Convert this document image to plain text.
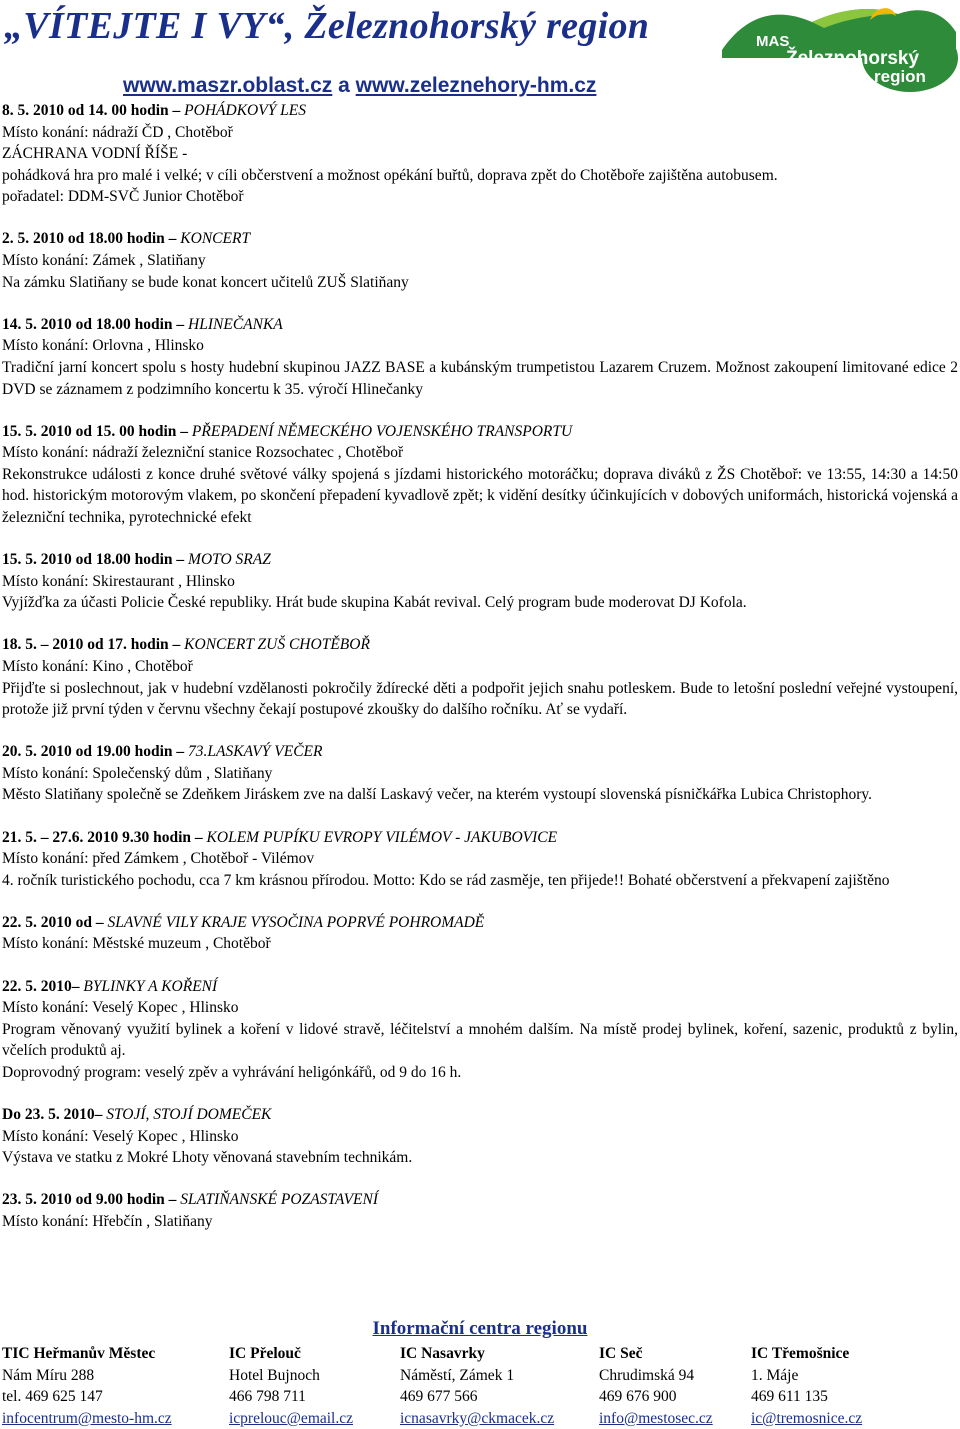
„VÍTEJTE I VY“, Železnohorský region
www.maszr.oblast.cz a www.zeleznehory-hm.cz
MAS
Železnohorský
region
8. 5. 2010 od 14. 00 hodin – POHÁDKOVÝ LES
Místo konání: nádraží ČD , Chotěboř
ZÁCHRANA VODNÍ ŘÍŠE -
pohádková hra pro malé i velké; v cíli občerstvení a možnost opékání buřtů, doprava zpět do Chotěboře zajištěna autobusem.
pořadatel: DDM-SVČ Junior Chotěboř
2. 5. 2010 od 18.00 hodin – KONCERT
Místo konání: Zámek , Slatiňany
Na zámku Slatiňany se bude konat koncert učitelů ZUŠ Slatiňany
14. 5. 2010 od 18.00 hodin – HLINEČANKA
Místo konání: Orlovna , Hlinsko
Tradiční jarní koncert spolu s hosty hudební skupinou JAZZ BASE a kubánským trumpetistou Lazarem Cruzem. Možnost zakoupení limitované edice 2 DVD se záznamem z podzimního koncertu k 35. výročí Hlinečanky
15. 5. 2010 od 15. 00 hodin – PŘEPADENÍ NĚMECKÉHO VOJENSKÉHO TRANSPORTU
Místo konání: nádraží železniční stanice Rozsochatec , Chotěboř
Rekonstrukce události z konce druhé světové války spojená s jízdami historického motoráčku; doprava diváků z ŽS Chotěboř: ve 13:55, 14:30 a 14:50 hod. historickým motorovým vlakem, po skončení přepadení kyvadlově zpět; k vidění desítky účinkujících v dobových uniformách, historická vojenská a železniční technika, pyrotechnické efekt
15. 5. 2010 od 18.00 hodin – MOTO SRAZ
Místo konání: Skirestaurant , Hlinsko
Vyjížďka za účasti Policie České republiky. Hrát bude skupina Kabát revival. Celý program bude moderovat DJ Kofola.
18. 5. – 2010 od 17. hodin – KONCERT ZUŠ CHOTĚBOŘ
Místo konání: Kino , Chotěboř
Přijďte si poslechnout, jak v hudební vzdělanosti pokročily ždírecké děti a podpořit jejich snahu potleskem. Bude to letošní poslední veřejné vystoupení, protože již první týden v červnu všechny čekají postupové zkoušky do dalšího ročníku. Ať se vydaří.
20. 5. 2010 od 19.00 hodin – 73.LASKAVÝ VEČER
Místo konání: Společenský dům , Slatiňany
Město Slatiňany společně se Zdeňkem Jiráskem zve na další Laskavý večer, na kterém vystoupí slovenská písničkářka Lubica Christophory.
21. 5. – 27.6. 2010 9.30 hodin – KOLEM PUPÍKU EVROPY VILÉMOV - JAKUBOVICE
Místo konání: před Zámkem , Chotěboř - Vilémov
4. ročník turistického pochodu, cca 7 km krásnou přírodou. Motto: Kdo se rád zasměje, ten přijede!! Bohaté občerstvení a překvapení zajištěno
22. 5. 2010 od – SLAVNÉ VILY KRAJE VYSOČINA POPRVÉ POHROMADĚ
Místo konání: Městské muzeum , Chotěboř
22. 5. 2010– BYLINKY A KOŘENÍ
Místo konání: Veselý Kopec , Hlinsko
Program věnovaný využití bylinek a koření v lidové stravě, léčitelství a mnohém dalším. Na místě prodej bylinek, koření, sazenic, produktů z bylin, včelích produktů aj.
Doprovodný program: veselý zpěv a vyhrávání heligónkářů, od 9 do 16 h.
Do 23. 5. 2010– STOJÍ, STOJÍ DOMEČEK
Místo konání: Veselý Kopec , Hlinsko
Výstava ve statku z Mokré Lhoty věnovaná stavebním technikám.
23. 5. 2010 od 9.00 hodin – SLATIŇANSKÉ POZASTAVENÍ
Místo konání: Hřebčín , Slatiňany
Informační centra regionu
TIC Heřmanův Městec
Nám Míru 288
tel. 469 625 147
infocentrum@mesto-hm.cz
IC Přelouč
Hotel Bujnoch
466 798 711
icprelouc@email.cz
IC Nasavrky
Náměstí, Zámek 1
469 677 566
icnasavrky@ckmacek.cz
IC Seč
Chrudimská 94
469 676 900
info@mestosec.cz
IC Třemošnice
1. Máje
469 611 135
ic@tremosnice.cz
